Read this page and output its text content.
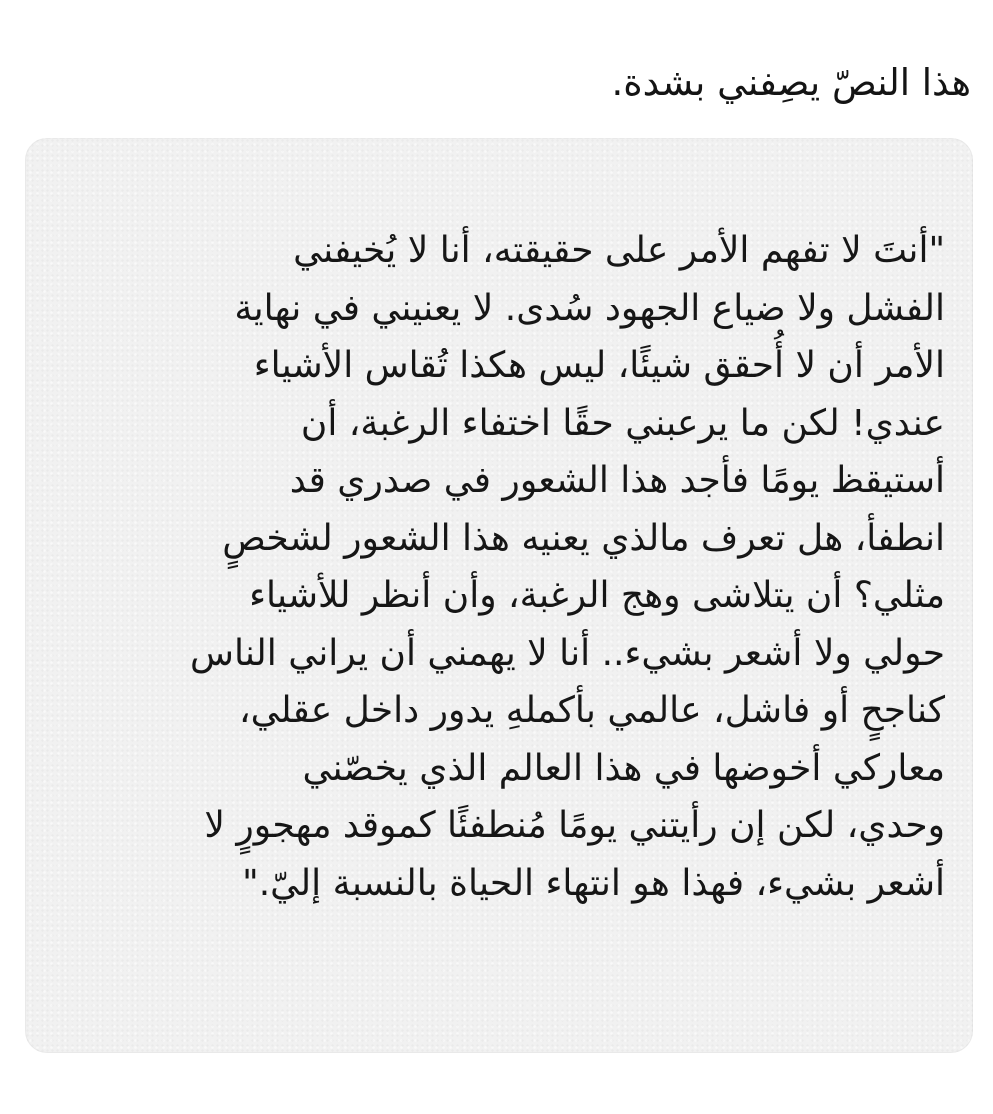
هذا النصّ يصِفني بشدة.
"أنتَ لا تفهم الأمر على حقيقته، أنا لا يُخيفني
الفشل ولا ضياع الجهود سُدى. لا يعنيني في نهاية
الأمر أن لا أُحقق شيئًا، ليس هكذا تُقاس الأشياء
عندي! لكن ما يرعبني حقًا اختفاء الرغبة، أن
أستيقظ يومًا فأجد هذا الشعور في صدري قد
انطفأ، هل تعرف مالذي يعنيه هذا الشعور لشخصٍ
مثلي؟ أن يتلاشى وهج الرغبة، وأن أنظر للأشياء
حولي ولا أشعر بشيء.. أنا لا يهمني أن يراني الناس
كناجحٍ أو فاشل، عالمي بأكملهِ يدور داخل عقلي،
معاركي أخوضها في هذا العالم الذي يخصّني
وحدي، لكن إن رأيتني يومًا مُنطفئًا كموقد مهجورٍ لا
أشعر بشيء، فهذا هو انتهاء الحياة بالنسبة إليّ."
